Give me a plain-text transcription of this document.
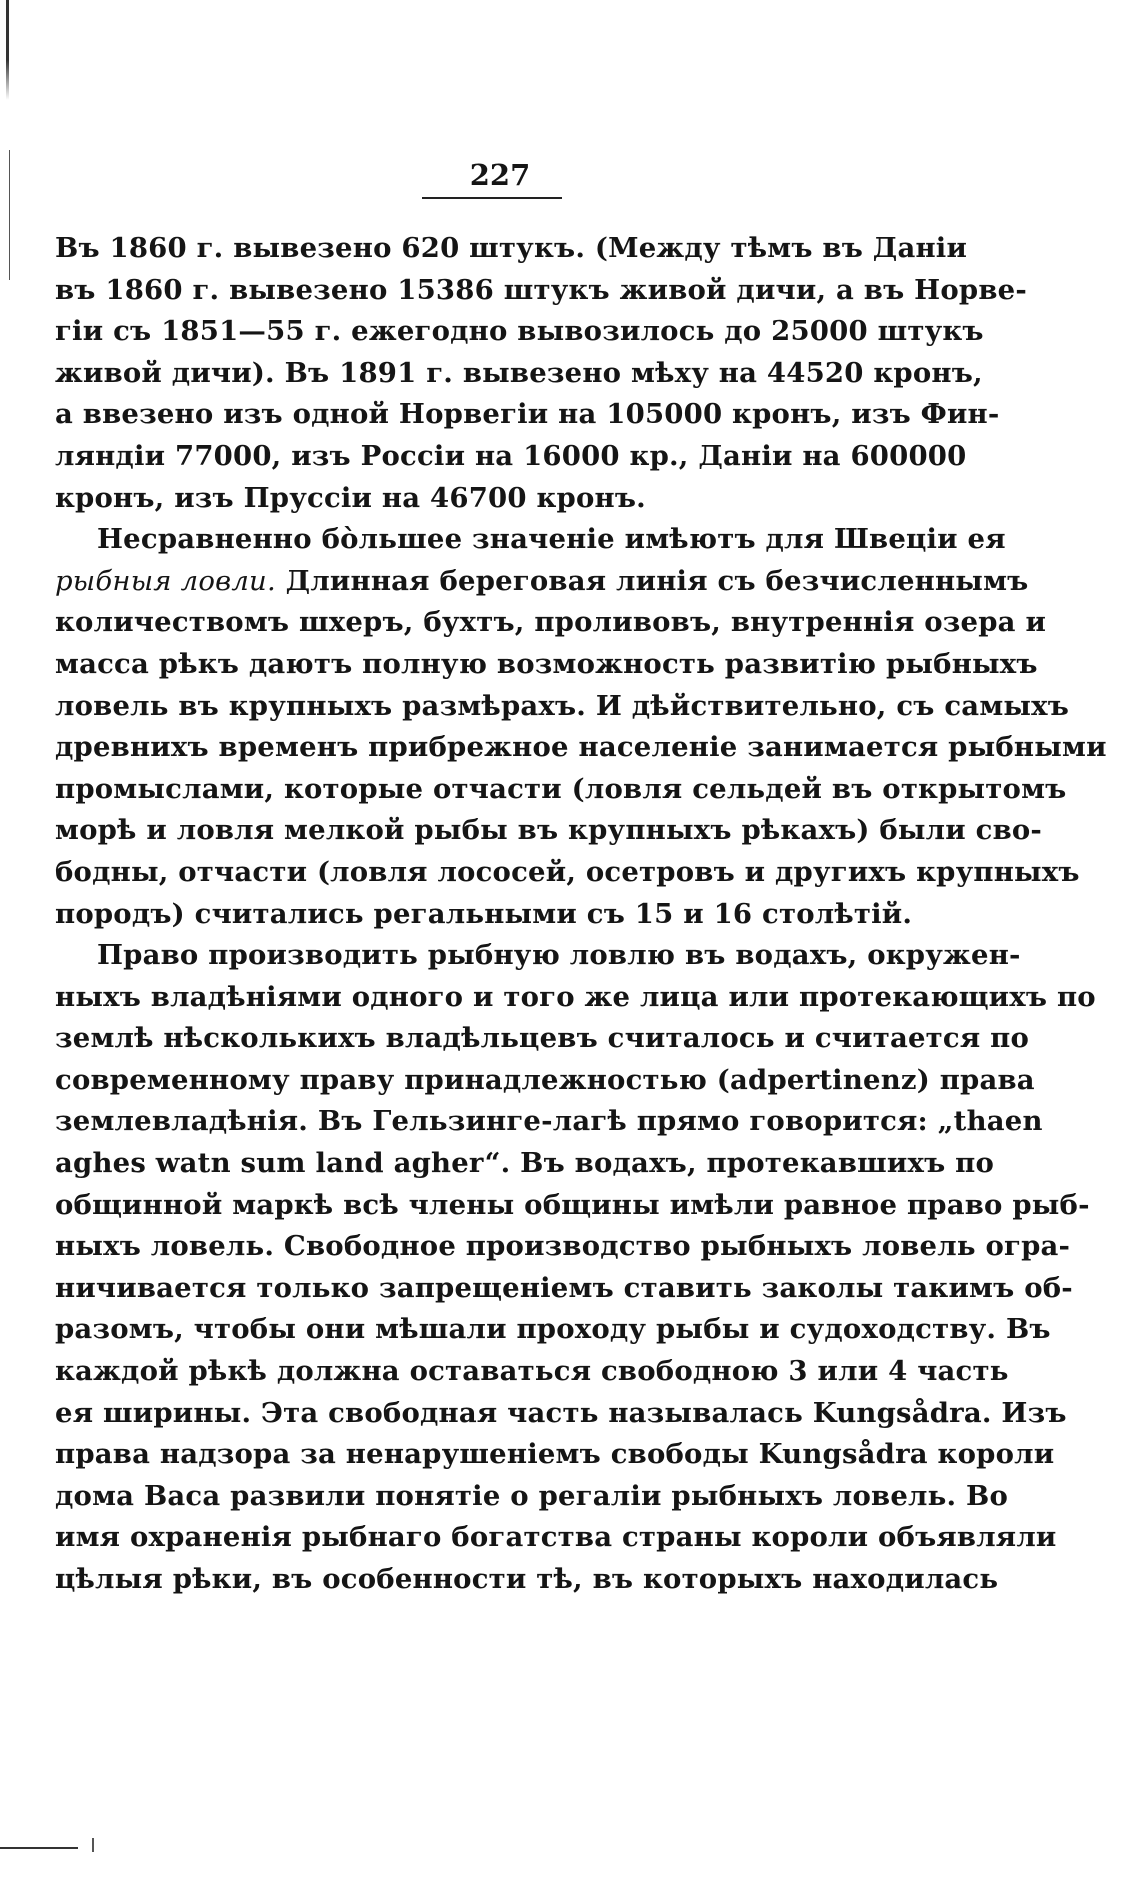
227
Въ 1860 г. вывезено 620 штукъ. (Между тѣмъ въ Даніи
въ 1860 г. вывезено 15386 штукъ живой дичи, а въ Норве-
гіи съ 1851—55 г. ежегодно вывозилось до 25000 штукъ
живой дичи). Въ 1891 г. вывезено мѣху на 44520 кронъ,
а ввезено изъ одной Норвегіи на 105000 кронъ, изъ Фин-
ляндіи 77000, изъ Россіи на 16000 кр., Даніи на 600000
кронъ, изъ Пруссіи на 46700 кронъ.
Несравненно бо̀льшее значеніе имѣютъ для Швеціи ея
рыбныя ловли. Длинная береговая линія съ безчисленнымъ
количествомъ шхеръ, бухтъ, проливовъ, внутреннія озера и
масса рѣкъ даютъ полную возможность развитію рыбныхъ
ловель въ крупныхъ размѣрахъ. И дѣйствительно, съ самыхъ
древнихъ временъ прибрежное населеніе занимается рыбными
промыслами, которые отчасти (ловля сельдей въ открытомъ
морѣ и ловля мелкой рыбы въ крупныхъ рѣкахъ) были сво-
бодны, отчасти (ловля лососей, осетровъ и другихъ крупныхъ
породъ) считались регальными съ 15 и 16 столѣтій.
Право производить рыбную ловлю въ водахъ, окружен-
ныхъ владѣніями одного и того же лица или протекающихъ по
землѣ нѣсколькихъ владѣльцевъ считалось и считается по
современному праву принадлежностью (adpertinenz) права
землевладѣнія. Въ Гельзинге-лагѣ прямо говорится: „thaen
aghes watn sum land agher“. Въ водахъ, протекавшихъ по
общинной маркѣ всѣ члены общины имѣли равное право рыб-
ныхъ ловель. Свободное производство рыбныхъ ловель огра-
ничивается только запрещеніемъ ставить заколы такимъ об-
разомъ, чтобы они мѣшали проходу рыбы и судоходству. Въ
каждой рѣкѣ должна оставаться свободною 3 или 4 часть
ея ширины. Эта свободная часть называлась Kungsådra. Изъ
права надзора за ненарушеніемъ свободы Kungsådra короли
дома Васа развили понятіе о регаліи рыбныхъ ловель. Во
имя охраненія рыбнаго богатства страны короли объявляли
цѣлыя рѣки, въ особенности тѣ, въ которыхъ находилась
